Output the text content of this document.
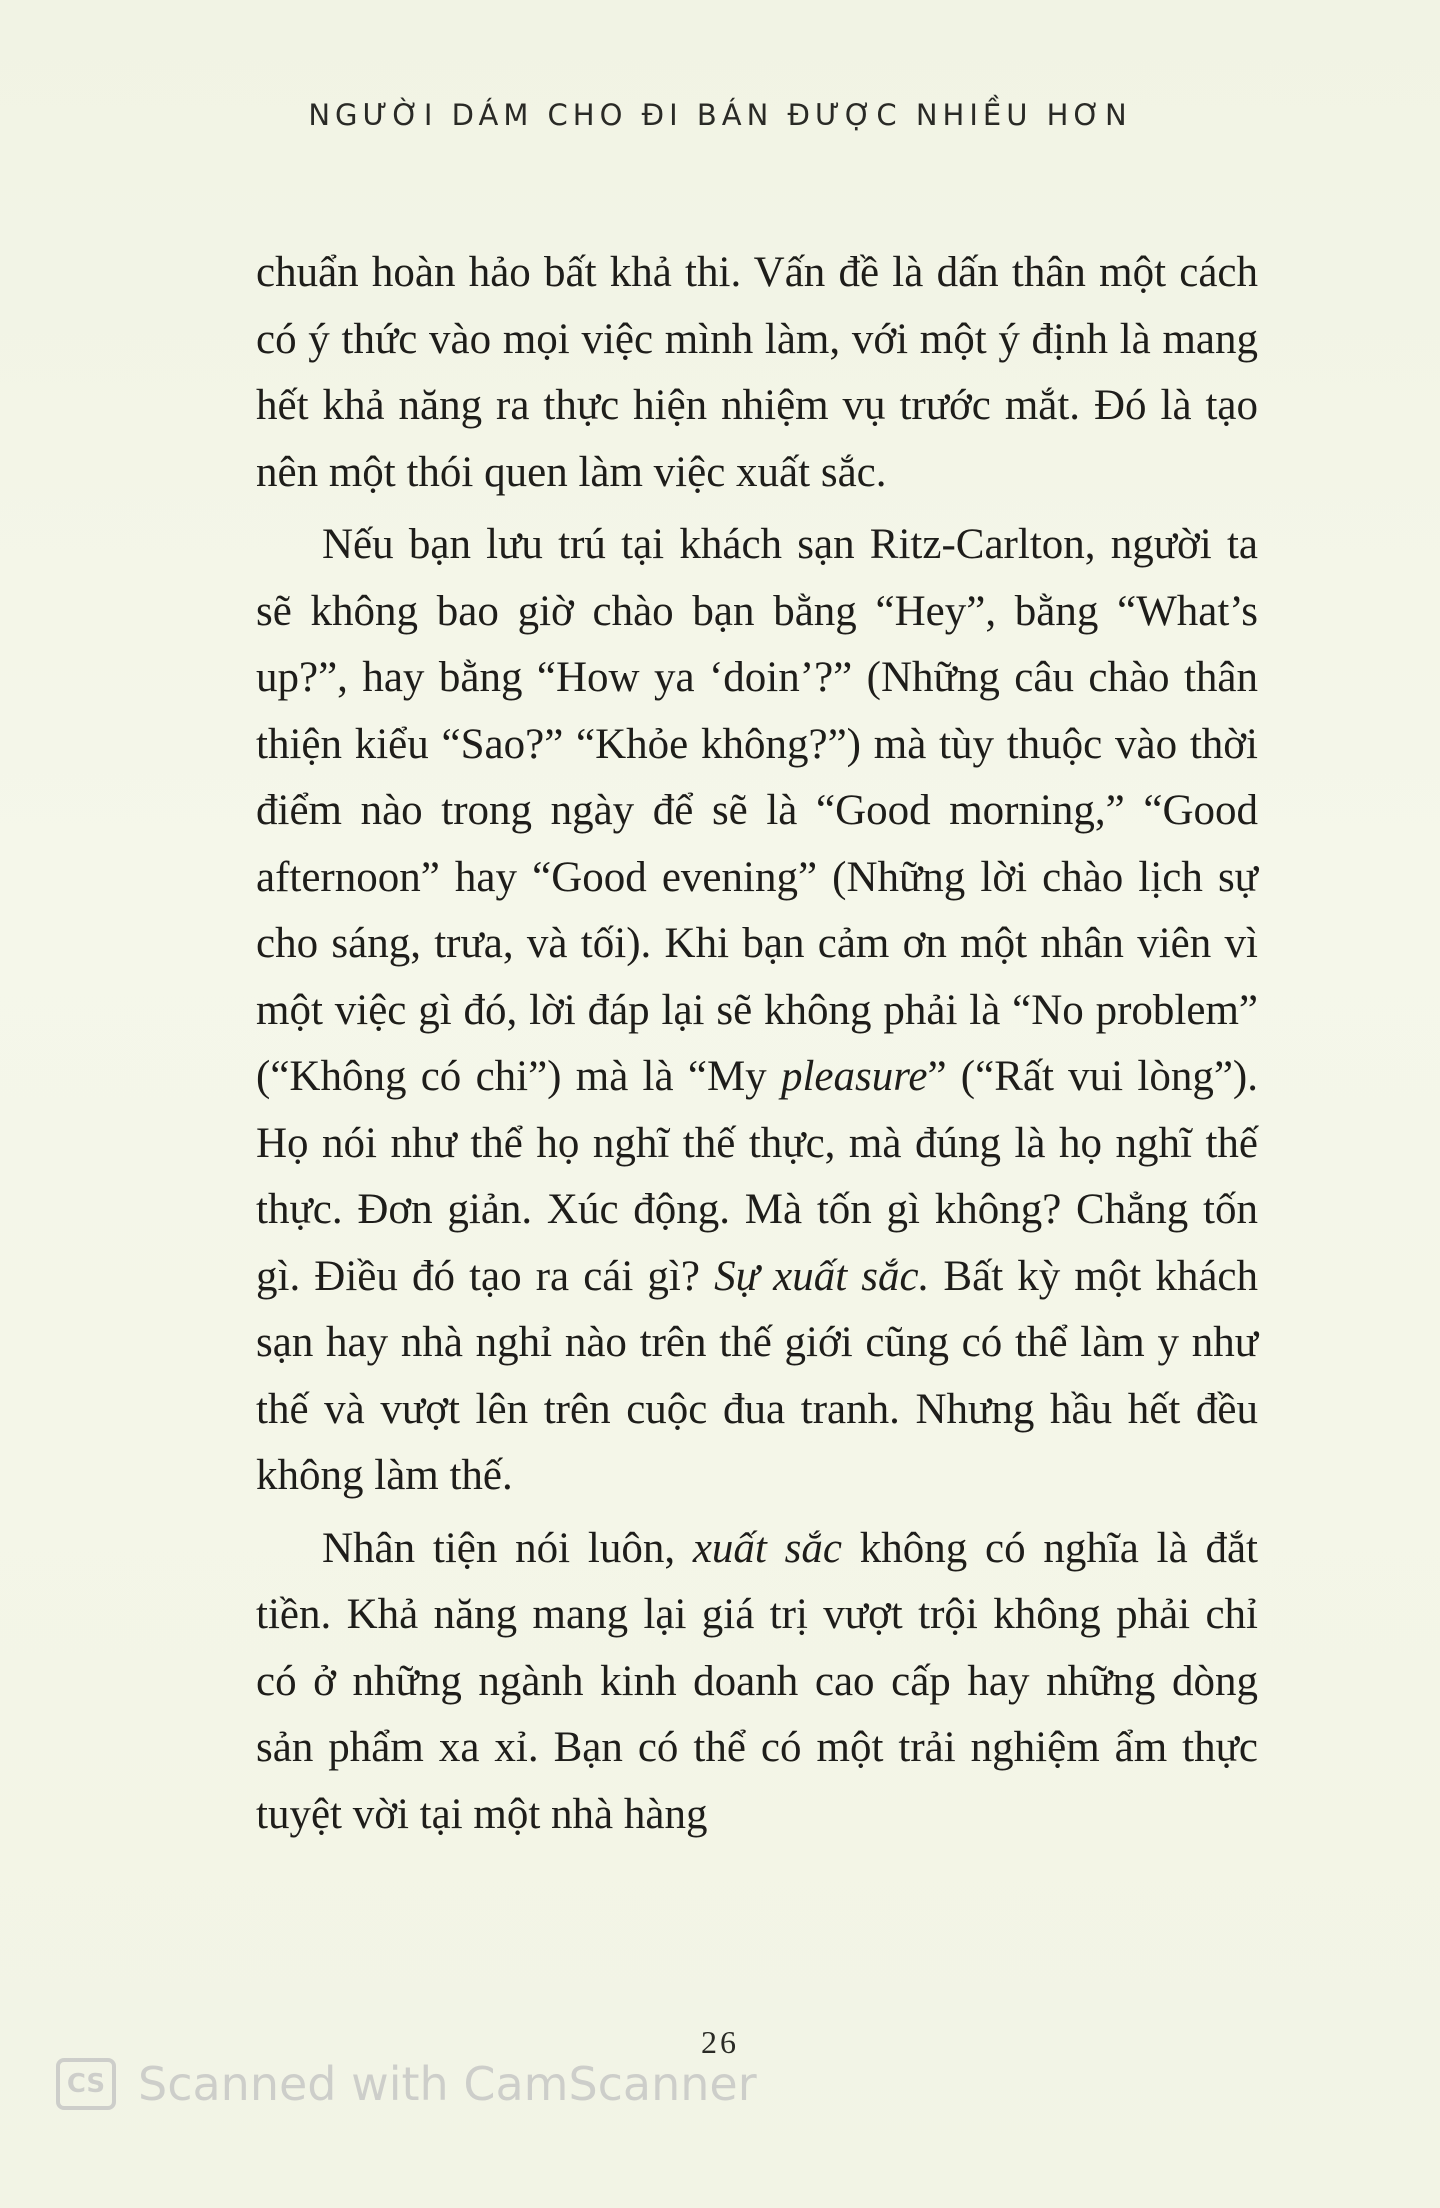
NGƯỜI DÁM CHO ĐI BÁN ĐƯỢC NHIỀU HƠN

chuẩn hoàn hảo bất khả thi. Vấn đề là dấn thân một cách có ý thức vào mọi việc mình làm, với một ý định là mang hết khả năng ra thực hiện nhiệm vụ trước mắt. Đó là tạo nên một thói quen làm việc xuất sắc.

Nếu bạn lưu trú tại khách sạn Ritz-Carlton, người ta sẽ không bao giờ chào bạn bằng “Hey”, bằng “What’s up?”, hay bằng “How ya ‘doin’?” (Những câu chào thân thiện kiểu “Sao?” “Khỏe không?”) mà tùy thuộc vào thời điểm nào trong ngày để sẽ là “Good morning,” “Good afternoon” hay “Good evening” (Những lời chào lịch sự cho sáng, trưa, và tối). Khi bạn cảm ơn một nhân viên vì một việc gì đó, lời đáp lại sẽ không phải là “No problem” (“Không có chi”) mà là “My pleasure” (“Rất vui lòng”). Họ nói như thể họ nghĩ thế thực, mà đúng là họ nghĩ thế thực. Đơn giản. Xúc động. Mà tốn gì không? Chẳng tốn gì. Điều đó tạo ra cái gì? Sự xuất sắc. Bất kỳ một khách sạn hay nhà nghỉ nào trên thế giới cũng có thể làm y như thế và vượt lên trên cuộc đua tranh. Nhưng hầu hết đều không làm thế.

Nhân tiện nói luôn, xuất sắc không có nghĩa là đắt tiền. Khả năng mang lại giá trị vượt trội không phải chỉ có ở những ngành kinh doanh cao cấp hay những dòng sản phẩm xa xỉ. Bạn có thể có một trải nghiệm ẩm thực tuyệt vời tại một nhà hàng

26
CS Scanned with CamScanner
